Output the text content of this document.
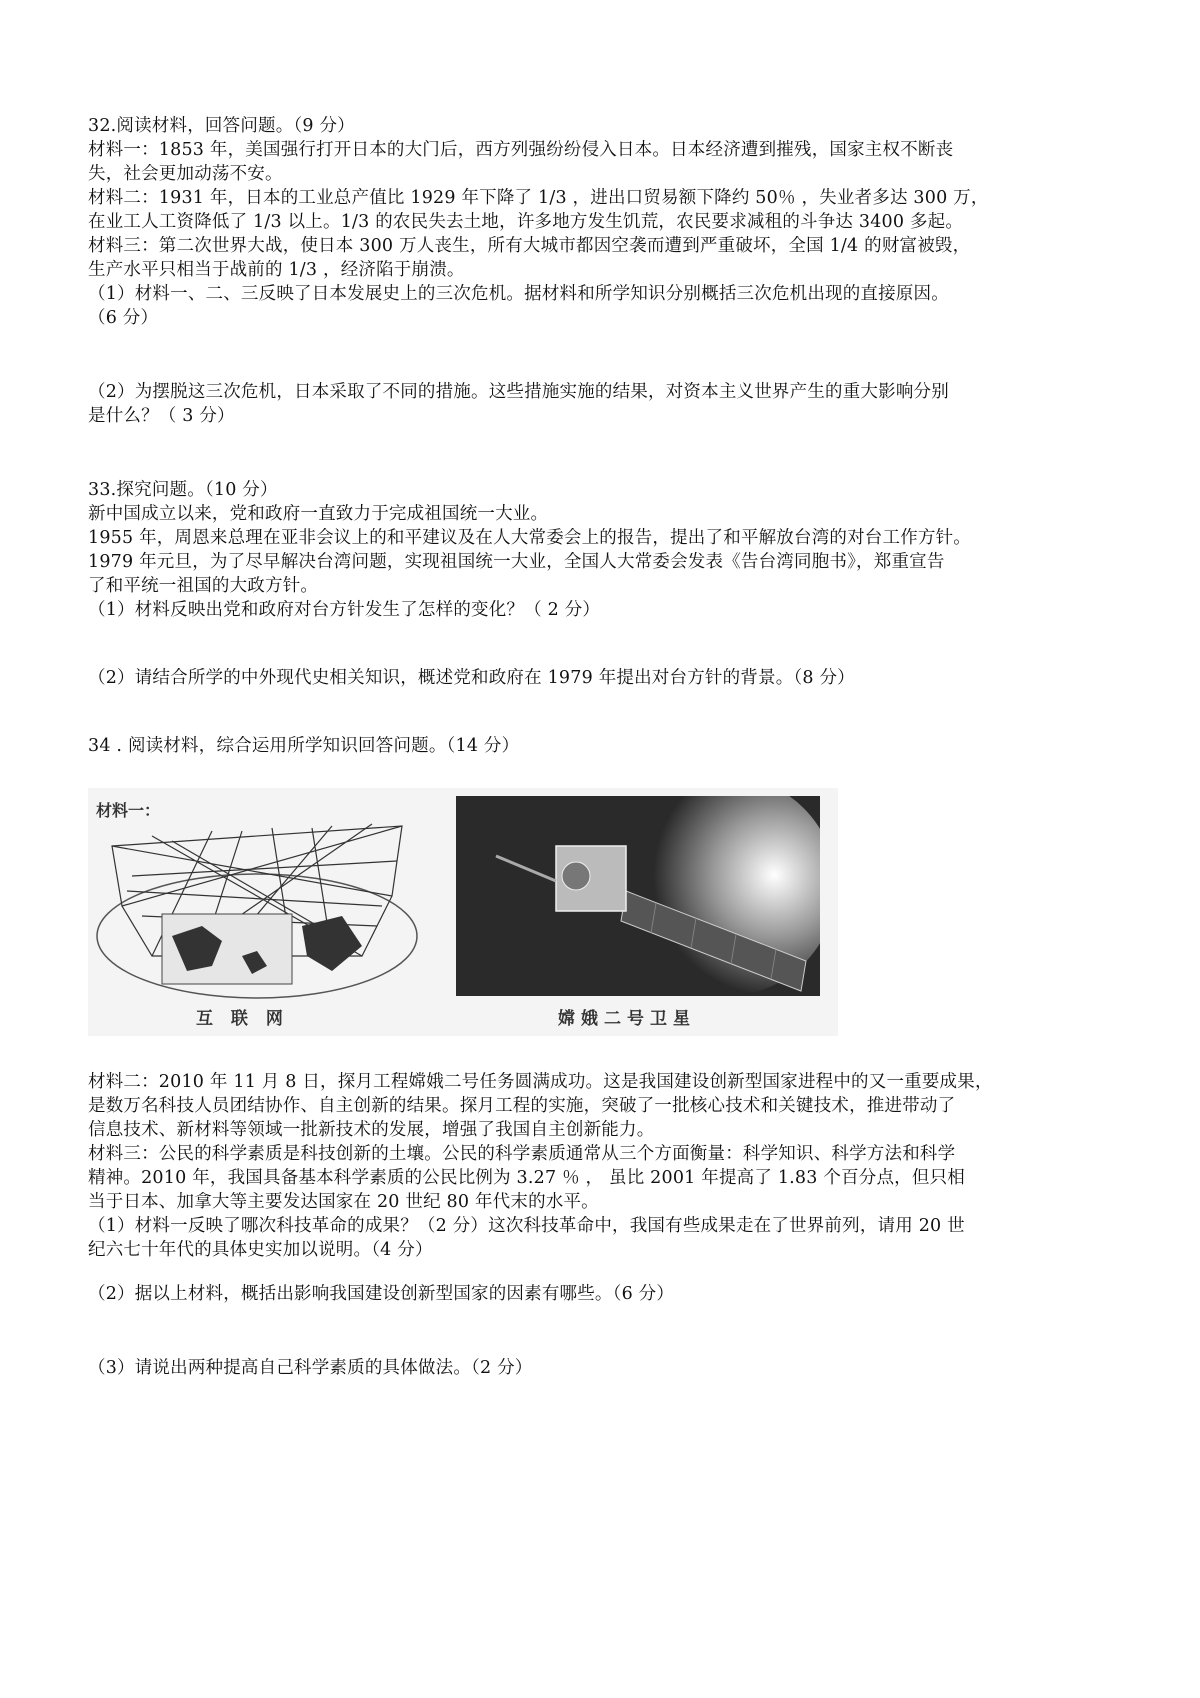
32.阅读材料，回答问题。（9 分）
材料一：1853 年，美国强行打开日本的大门后，西方列强纷纷侵入日本。日本经济遭到摧残，国家主权不断丧
失，社会更加动荡不安。
材料二：1931 年，日本的工业总产值比 1929 年下降了 1/3 ，进出口贸易额下降约 50％ ，失业者多达 300 万，
在业工人工资降低了 1/3 以上。1/3 的农民失去土地，许多地方发生饥荒，农民要求减租的斗争达 3400 多起。
材料三：第二次世界大战，使日本 300 万人丧生，所有大城市都因空袭而遭到严重破坏，全国 1/4 的财富被毁，
生产水平只相当于战前的 1/3 ，经济陷于崩溃。
（1）材料一、二、三反映了日本发展史上的三次危机。据材料和所学知识分别概括三次危机出现的直接原因。
（6 分）
（2）为摆脱这三次危机，日本采取了不同的措施。这些措施实施的结果，对资本主义世界产生的重大影响分别
是什么？（ 3 分）
33.探究问题。（10 分）
新中国成立以来，党和政府一直致力于完成祖国统一大业。
1955 年，周恩来总理在亚非会议上的和平建议及在人大常委会上的报告，提出了和平解放台湾的对台工作方针。
1979 年元旦，为了尽早解决台湾问题，实现祖国统一大业，全国人大常委会发表《告台湾同胞书》，郑重宣告
了和平统一祖国的大政方针。
（1）材料反映出党和政府对台方针发生了怎样的变化？（ 2 分）
（2）请结合所学的中外现代史相关知识，概述党和政府在 1979 年提出对台方针的背景。（8 分）
34 . 阅读材料，综合运用所学知识回答问题。（14 分）
材料一：
互 联 网	嫦娥二号卫星
材料二：2010 年 11 月 8 日，探月工程嫦娥二号任务圆满成功。这是我国建设创新型国家进程中的又一重要成果，
是数万名科技人员团结协作、自主创新的结果。探月工程的实施，突破了一批核心技术和关键技术，推进带动了
信息技术、新材料等领域一批新技术的发展，增强了我国自主创新能力。
材料三：公民的科学素质是科技创新的土壤。公民的科学素质通常从三个方面衡量：科学知识、科学方法和科学
精神。2010 年，我国具备基本科学素质的公民比例为 3.27 ％ ， 虽比 2001 年提高了 1.83 个百分点，但只相
当于日本、加拿大等主要发达国家在 20 世纪 80 年代末的水平。
（1）材料一反映了哪次科技革命的成果？（2 分）这次科技革命中，我国有些成果走在了世界前列，请用 20 世
纪六七十年代的具体史实加以说明。（4 分）
（2）据以上材料，概括出影响我国建设创新型国家的因素有哪些。（6 分）
（3）请说出两种提高自己科学素质的具体做法。（2 分）
